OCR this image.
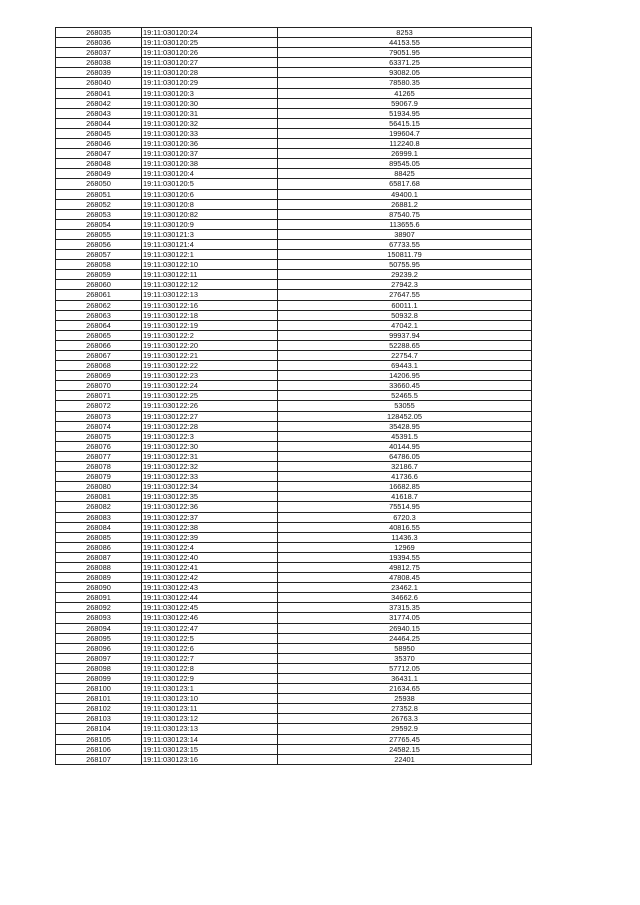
268035	19:11:030120:24	8253
268036	19:11:030120:25	44153.55
268037	19:11:030120:26	79051.95
268038	19:11:030120:27	63371.25
268039	19:11:030120:28	93082.05
268040	19:11:030120:29	78580.35
268041	19:11:030120:3	41265
268042	19:11:030120:30	59067.9
268043	19:11:030120:31	51934.95
268044	19:11:030120:32	56415.15
268045	19:11:030120:33	199604.7
268046	19:11:030120:36	112240.8
268047	19:11:030120:37	26999.1
268048	19:11:030120:38	89545.05
268049	19:11:030120:4	88425
268050	19:11:030120:5	65817.68
268051	19:11:030120:6	49400.1
268052	19:11:030120:8	26881.2
268053	19:11:030120:82	87540.75
268054	19:11:030120:9	113655.6
268055	19:11:030121:3	38907
268056	19:11:030121:4	67733.55
268057	19:11:030122:1	150811.79
268058	19:11:030122:10	50755.95
268059	19:11:030122:11	29239.2
268060	19:11:030122:12	27942.3
268061	19:11:030122:13	27647.55
268062	19:11:030122:16	60011.1
268063	19:11:030122:18	50932.8
268064	19:11:030122:19	47042.1
268065	19:11:030122:2	99937.94
268066	19:11:030122:20	52288.65
268067	19:11:030122:21	22754.7
268068	19:11:030122:22	69443.1
268069	19:11:030122:23	14206.95
268070	19:11:030122:24	33660.45
268071	19:11:030122:25	52465.5
268072	19:11:030122:26	53055
268073	19:11:030122:27	128452.05
268074	19:11:030122:28	35428.95
268075	19:11:030122:3	45391.5
268076	19:11:030122:30	40144.95
268077	19:11:030122:31	64786.05
268078	19:11:030122:32	32186.7
268079	19:11:030122:33	41736.6
268080	19:11:030122:34	16682.85
268081	19:11:030122:35	41618.7
268082	19:11:030122:36	75514.95
268083	19:11:030122:37	6720.3
268084	19:11:030122:38	40816.55
268085	19:11:030122:39	11436.3
268086	19:11:030122:4	12969
268087	19:11:030122:40	19394.55
268088	19:11:030122:41	49812.75
268089	19:11:030122:42	47808.45
268090	19:11:030122:43	23462.1
268091	19:11:030122:44	34662.6
268092	19:11:030122:45	37315.35
268093	19:11:030122:46	31774.05
268094	19:11:030122:47	26940.15
268095	19:11:030122:5	24464.25
268096	19:11:030122:6	58950
268097	19:11:030122:7	35370
268098	19:11:030122:8	57712.05
268099	19:11:030122:9	36431.1
268100	19:11:030123:1	21634.65
268101	19:11:030123:10	25938
268102	19:11:030123:11	27352.8
268103	19:11:030123:12	26763.3
268104	19:11:030123:13	29592.9
268105	19:11:030123:14	27765.45
268106	19:11:030123:15	24582.15
268107	19:11:030123:16	22401
